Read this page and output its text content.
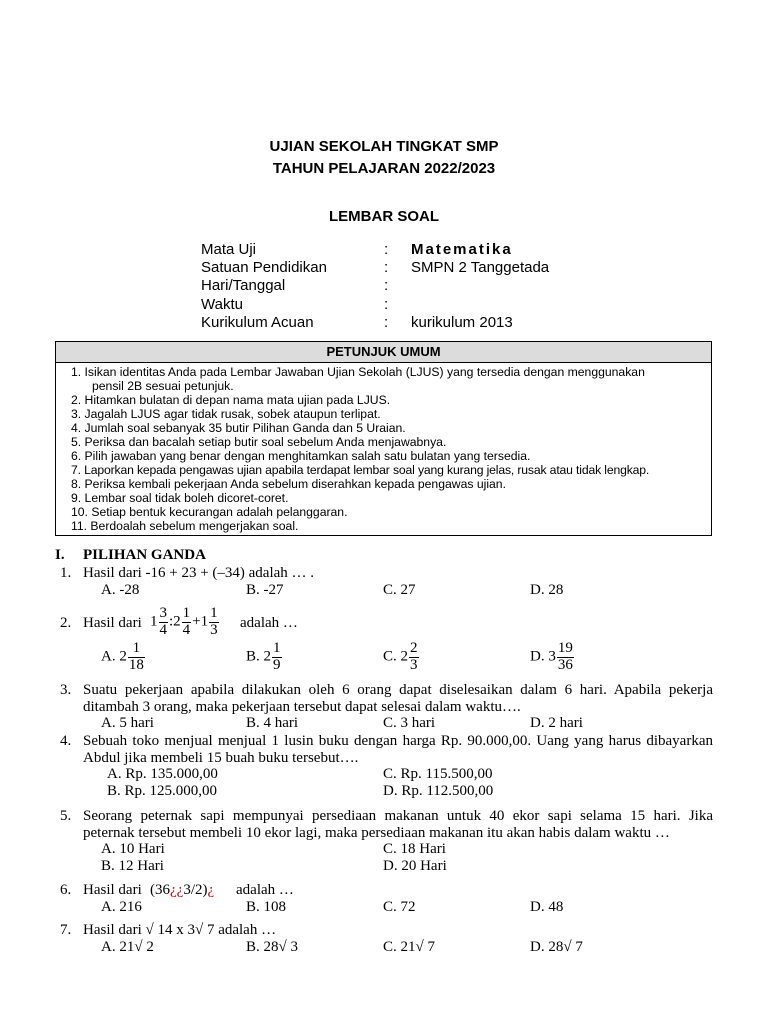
UJIAN SEKOLAH TINGKAT SMP
TAHUN PELAJARAN 2022/2023
LEMBAR SOAL
Mata Uji	: Matematika
Satuan Pendidikan	: SMPN 2 Tanggetada
Hari/Tanggal	:
Waktu	:
Kurikulum Acuan	: kurikulum 2013
PETUNJUK UMUM
1. Isikan identitas Anda pada Lembar Jawaban Ujian Sekolah (LJUS) yang tersedia dengan menggunakan
pensil 2B sesuai petunjuk.
2. Hitamkan bulatan di depan nama mata ujian pada LJUS.
3. Jagalah LJUS agar tidak rusak, sobek ataupun terlipat.
4. Jumlah soal sebanyak 35 butir Pilihan Ganda dan 5 Uraian.
5. Periksa dan bacalah setiap butir soal sebelum Anda menjawabnya.
6. Pilih jawaban yang benar dengan menghitamkan salah satu bulatan yang tersedia.
7. Laporkan kepada pengawas ujian apabila terdapat lembar soal yang kurang jelas, rusak atau tidak lengkap.
8. Periksa kembali pekerjaan Anda sebelum diserahkan kepada pengawas ujian.
9. Lembar soal tidak boleh dicoret-coret.
10. Setiap bentuk kecurangan adalah pelanggaran.
11. Berdoalah sebelum mengerjakan soal.
I. PILIHAN GANDA
1. Hasil dari -16 + 23 + (–34) adalah … .
A. -28	B. -27	C. 27	D. 28
2. Hasil dari $1 \frac{3}{4}$ :2 $\frac{1}{4} +1 \frac{1}{3}$ adalah …
A. $2 \frac{1}{18}$	B. $2 \frac{1}{9}$	C. $2 \frac{2}{3}$	D. $3 \frac{19}{36}$
3. Suatu pekerjaan apabila dilakukan oleh 6 orang dapat diselesaikan dalam 6 hari. Apabila pekerja
ditambah 3 orang, maka pekerjaan tersebut dapat selesai dalam waktu….
A. 5 hari	B. 4 hari	C. 3 hari	D. 2 hari
4. Sebuah toko menjual menjual 1 lusin buku dengan harga Rp. 90.000,00. Uang yang harus dibayarkan
Abdul jika membeli 15 buah buku tersebut….
A. Rp. 135.000,00
B. Rp. 125.000,00
C. Rp. 115.500,00
D. Rp. 112.500,00
5. Seorang peternak sapi mempunyai persediaan makanan untuk 40 ekor sapi selama 15 hari. Jika
peternak tersebut membeli 10 ekor lagi, maka persediaan makanan itu akan habis dalam waktu …
A. 10 Hari
B. 12 Hari
C. 18 Hari
D. 20 Hari
6. Hasil dari (36¿¿3/2)¿ adalah …
A. 216	B. 108	C. 72	D. 48
7. Hasil dari √ 14 x 3√ 7 adalah …
A. 21√ 2	B. 28√ 3	C. 21√ 7	D. 28√ 7
